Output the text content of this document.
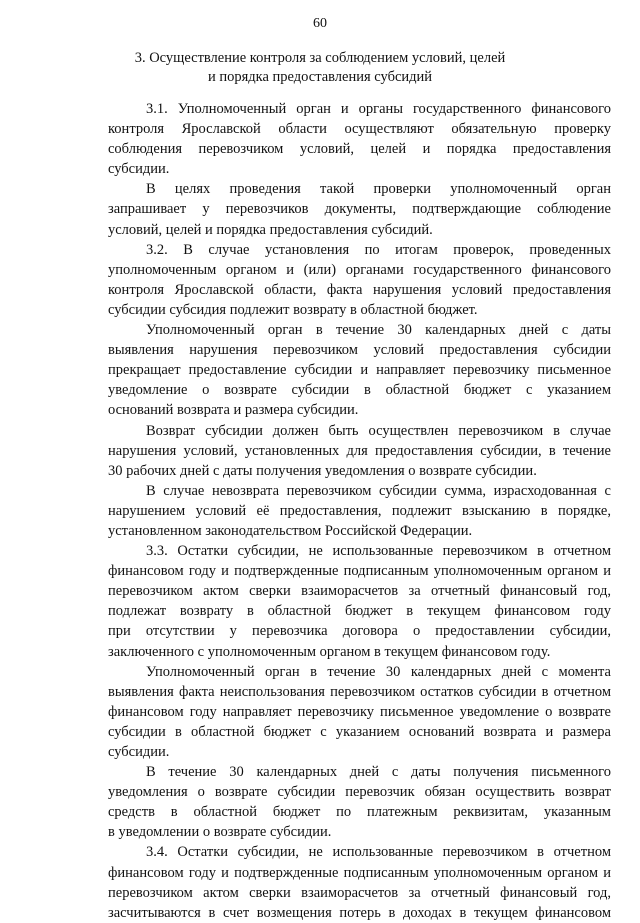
60
3. Осуществление контроля за соблюдением условий, целей
и порядка предоставления субсидий
3.1. Уполномоченный орган и органы государственного финансового
контроля Ярославской области осуществляют обязательную проверку
соблюдения перевозчиком условий, целей и порядка предоставления
субсидии.
В целях проведения такой проверки уполномоченный орган
запрашивает у перевозчиков документы, подтверждающие соблюдение
условий, целей и порядка предоставления субсидий.
3.2. В случае установления по итогам проверок, проведенных
уполномоченным органом и (или) органами государственного финансового
контроля Ярославской области, факта нарушения условий предоставления
субсидии субсидия подлежит возврату в областной бюджет.
Уполномоченный орган в течение 30 календарных дней с даты
выявления нарушения перевозчиком условий предоставления субсидии
прекращает предоставление субсидии и направляет перевозчику письменное
уведомление о возврате субсидии в областной бюджет с указанием
оснований возврата и размера субсидии.
Возврат субсидии должен быть осуществлен перевозчиком в случае
нарушения условий, установленных для предоставления субсидии, в течение
30 рабочих дней с даты получения уведомления о возврате субсидии.
В случае невозврата перевозчиком субсидии сумма, израсходованная с
нарушением условий её предоставления, подлежит взысканию в порядке,
установленном законодательством Российской Федерации.
3.3. Остатки субсидии, не использованные перевозчиком в отчетном
финансовом году и подтвержденные подписанным уполномоченным органом и
перевозчиком актом сверки взаиморасчетов за отчетный финансовый год,
подлежат возврату в областной бюджет в текущем финансовом году
при отсутствии у перевозчика договора о предоставлении субсидии,
заключенного с уполномоченным органом в текущем финансовом году.
Уполномоченный орган в течение 30 календарных дней с момента
выявления факта неиспользования перевозчиком остатков субсидии в отчетном
финансовом году направляет перевозчику письменное уведомление о возврате
субсидии в областной бюджет с указанием оснований возврата и размера
субсидии.
В течение 30 календарных дней с даты получения письменного
уведомления о возврате субсидии перевозчик обязан осуществить возврат
средств в областной бюджет по платежным реквизитам, указанным
в уведомлении о возврате субсидии.
3.4. Остатки субсидии, не использованные перевозчиком в отчетном
финансовом году и подтвержденные подписанным уполномоченным органом и
перевозчиком актом сверки взаиморасчетов за отчетный финансовый год,
засчитываются в счет возмещения потерь в доходах в текущем финансовом
